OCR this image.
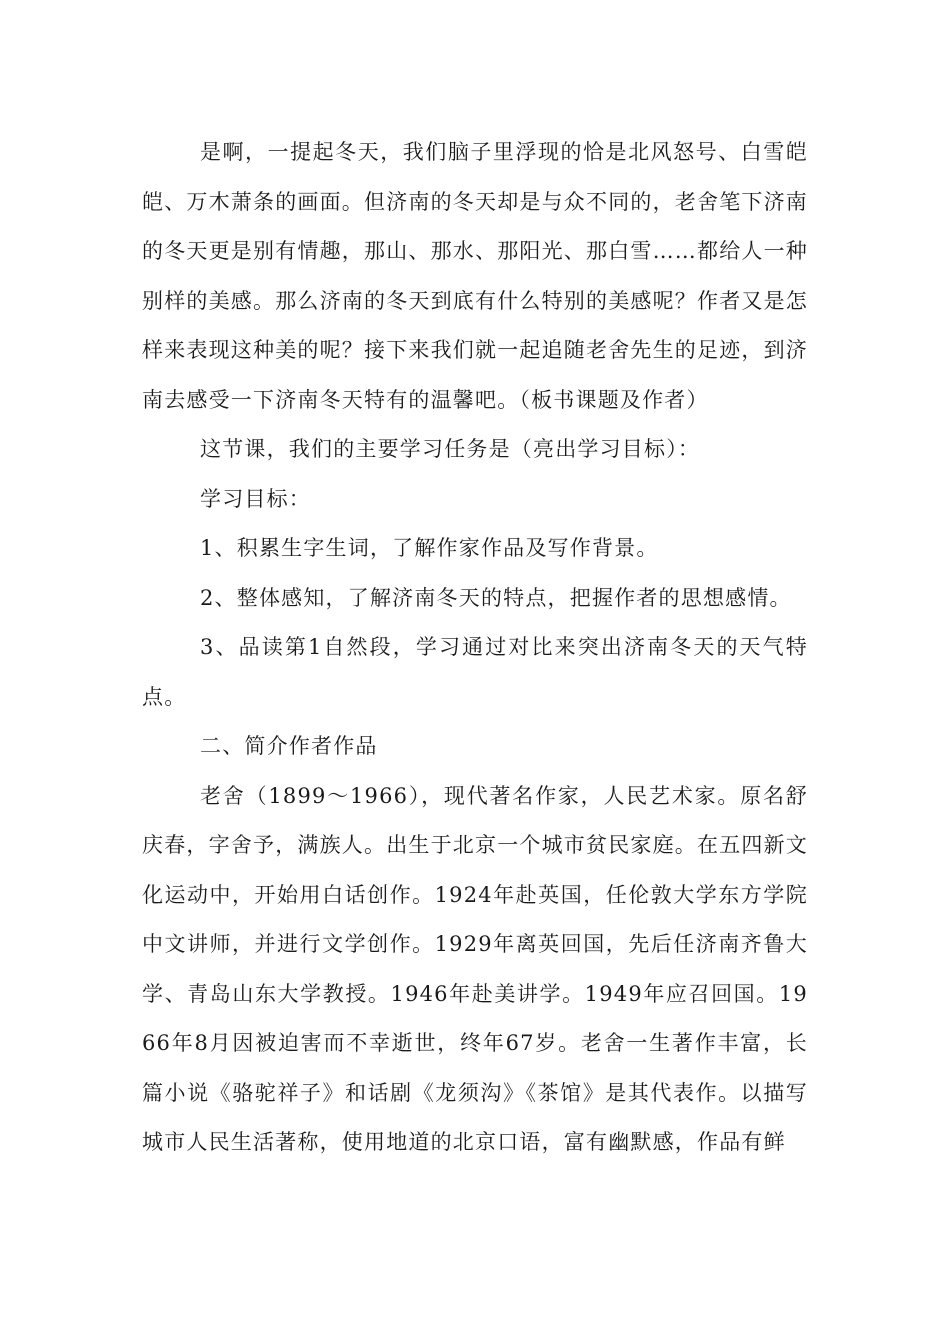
是啊，一提起冬天，我们脑子里浮现的恰是北风怒号、白雪皑皑、万木萧条的画面。但济南的冬天却是与众不同的，老舍笔下济南的冬天更是别有情趣，那山、那水、那阳光、那白雪……都给人一种别样的美感。那么济南的冬天到底有什么特别的美感呢？作者又是怎样来表现这种美的呢？接下来我们就一起追随老舍先生的足迹，到济南去感受一下济南冬天特有的温馨吧。（板书课题及作者）

这节课，我们的主要学习任务是（亮出学习目标）：

学习目标：

1、积累生字生词，了解作家作品及写作背景。

2、整体感知，了解济南冬天的特点，把握作者的思想感情。

3、品读第1自然段，学习通过对比来突出济南冬天的天气特点。

二、简介作者作品

老舍（1899～1966），现代著名作家，人民艺术家。原名舒庆春，字舍予，满族人。出生于北京一个城市贫民家庭。在五四新文化运动中，开始用白话创作。1924年赴英国，任伦敦大学东方学院中文讲师，并进行文学创作。1929年离英回国，先后任济南齐鲁大学、青岛山东大学教授。1946年赴美讲学。1949年应召回国。1966年8月因被迫害而不幸逝世，终年67岁。老舍一生著作丰富，长篇小说《骆驼祥子》和话剧《龙须沟》《茶馆》是其代表作。以描写城市人民生活著称，使用地道的北京口语，富有幽默感，作品有鲜
